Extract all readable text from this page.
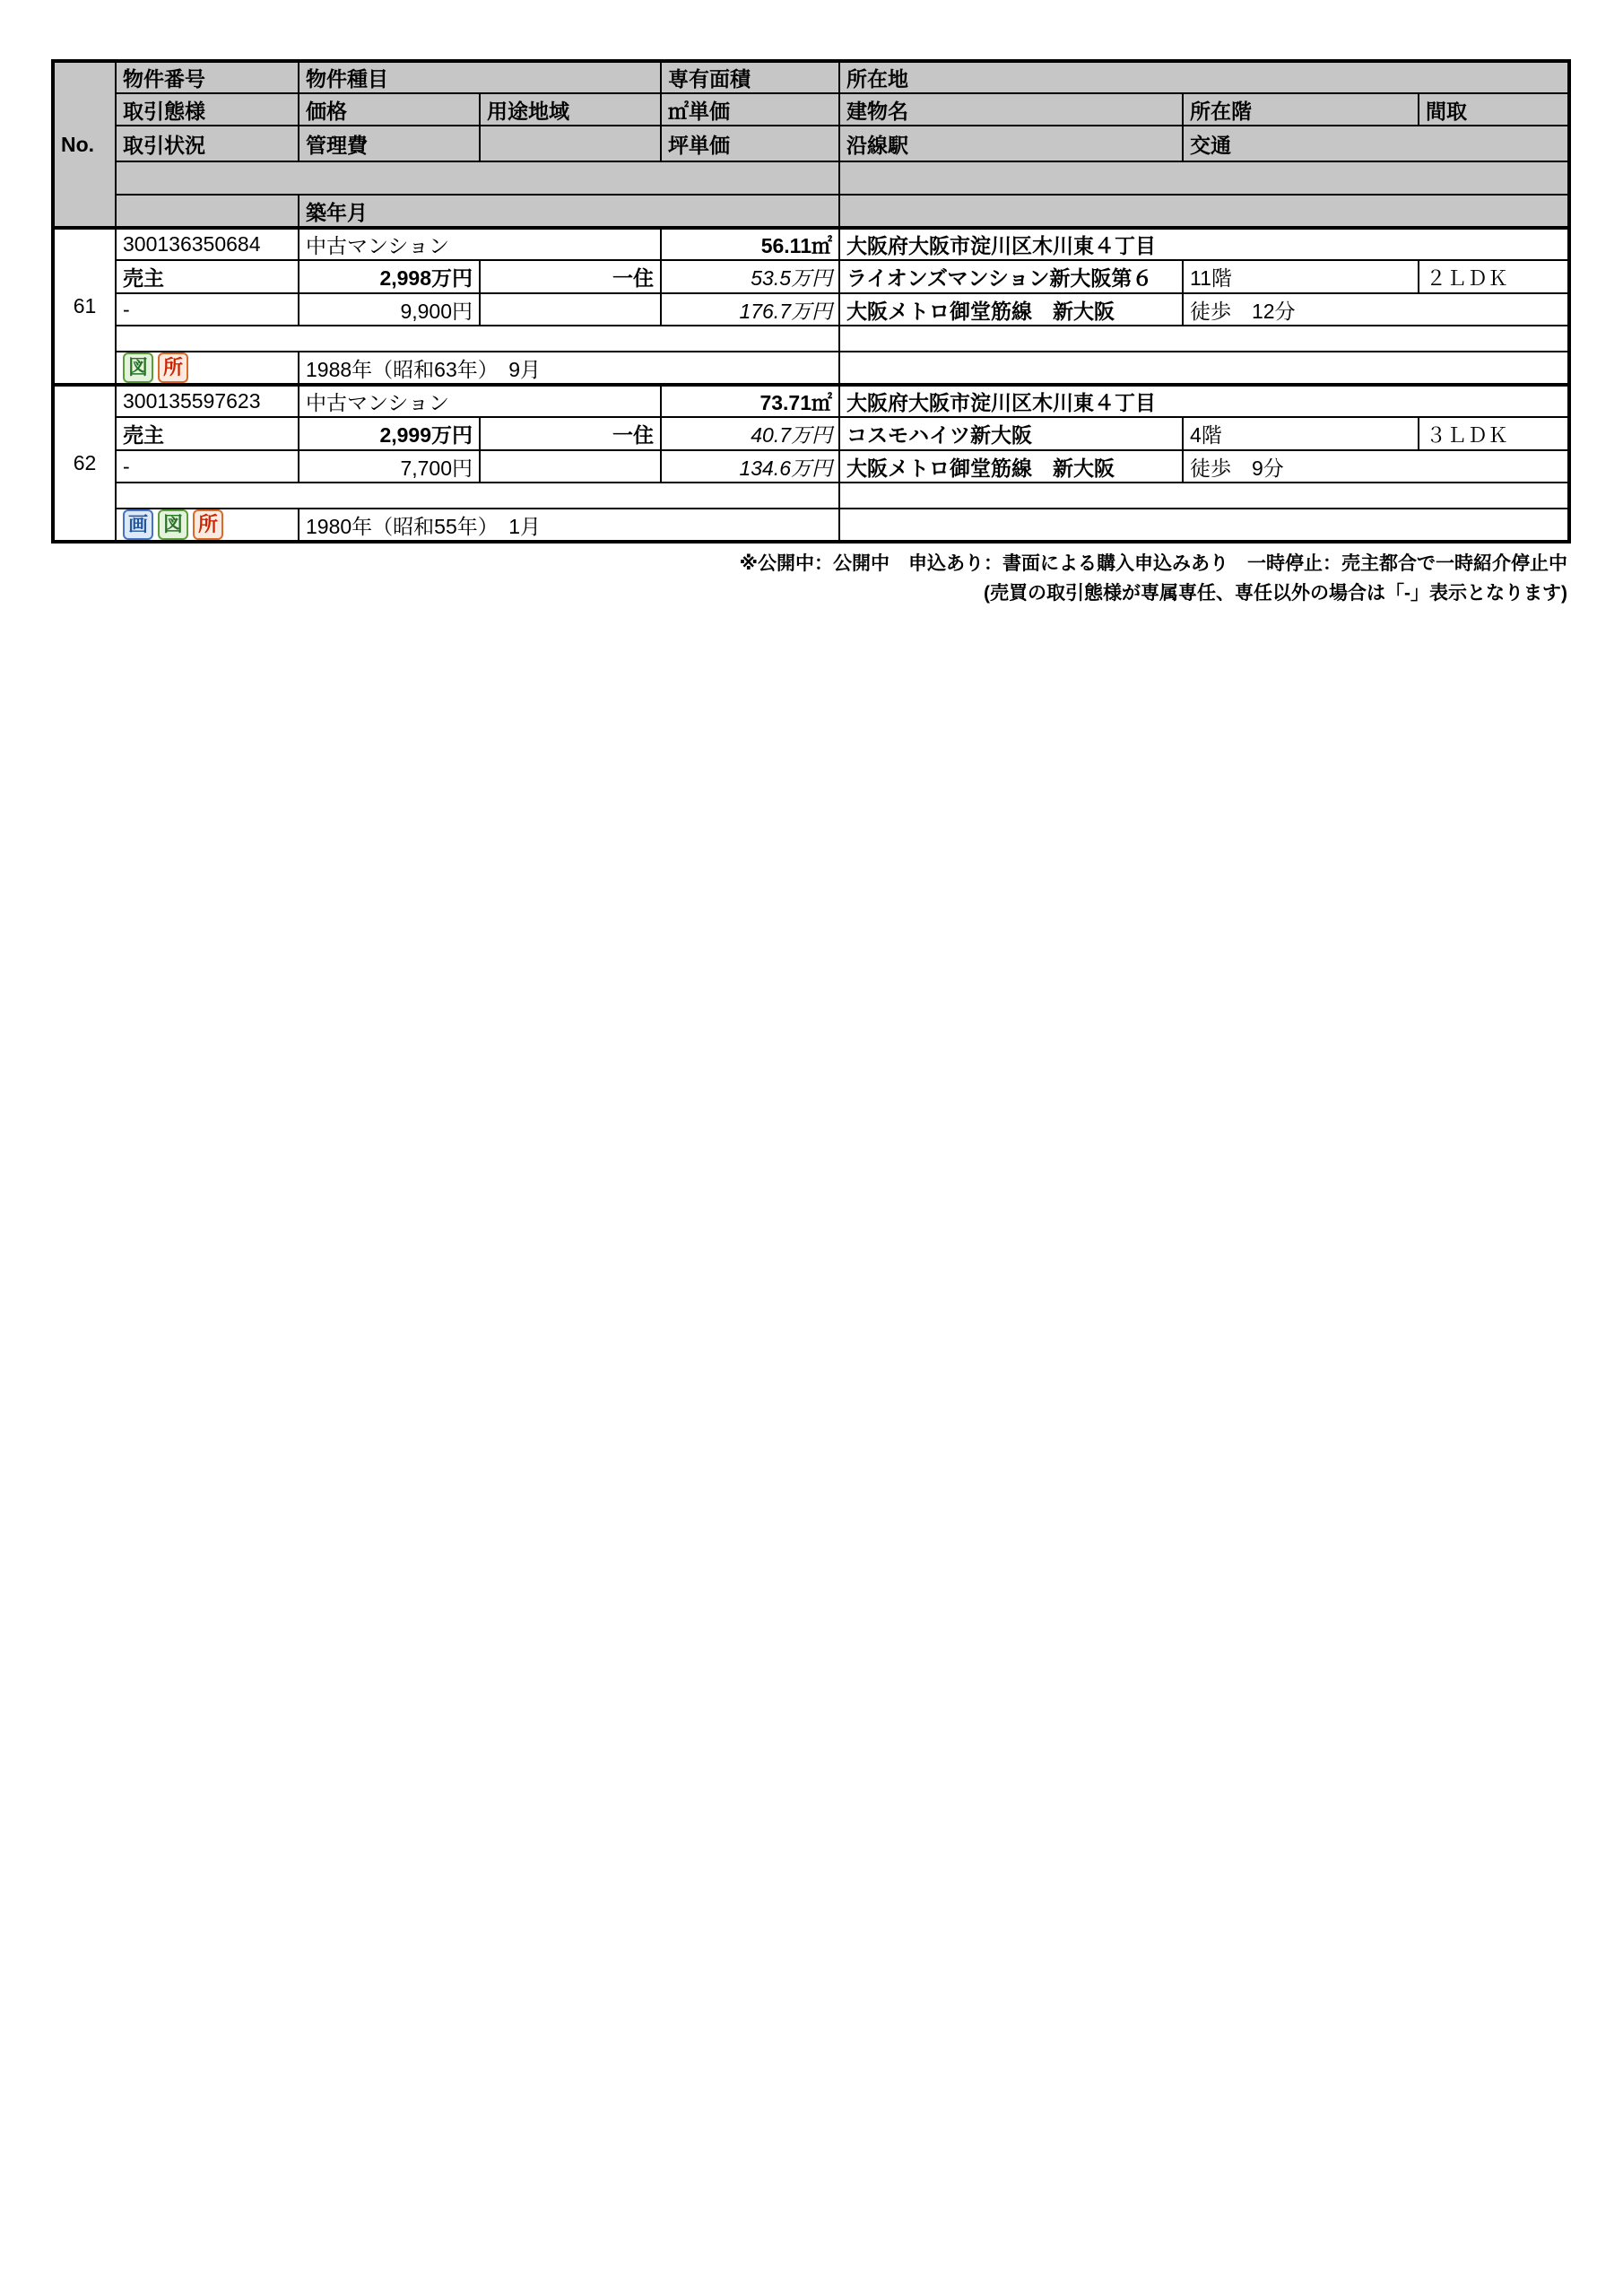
No.	物件番号	物件種目		専有面積	所在地		
	取引態様	価格	用途地域	㎡単価	建物名	所在階	間取
	取引状況	管理費		坪単価	沿線駅	交通	

		築年月					
61	300136350684	中古マンション		56.11㎡	大阪府大阪市淀川区木川東４丁目		
	売主	2,998万円	一住	53.5万円	ライオンズマンション新大阪第６	11階	２ＬＤＫ
	-	9,900円		176.7万円	大阪メトロ御堂筋線　新大阪	徒歩　12分	

	図 所	1988年（昭和63年）　9月					
62	300135597623	中古マンション		73.71㎡	大阪府大阪市淀川区木川東４丁目		
	売主	2,999万円	一住	40.7万円	コスモハイツ新大阪	4階	３ＬＤＫ
	-	7,700円		134.6万円	大阪メトロ御堂筋線　新大阪	徒歩　9分	

	画 図 所	1980年（昭和55年）　1月					
※公開中：公開中　申込あり：書面による購入申込みあり　一時停止：売主都合で一時紹介停止中
(売買の取引態様が専属専任、専任以外の場合は「-」表示となります)
